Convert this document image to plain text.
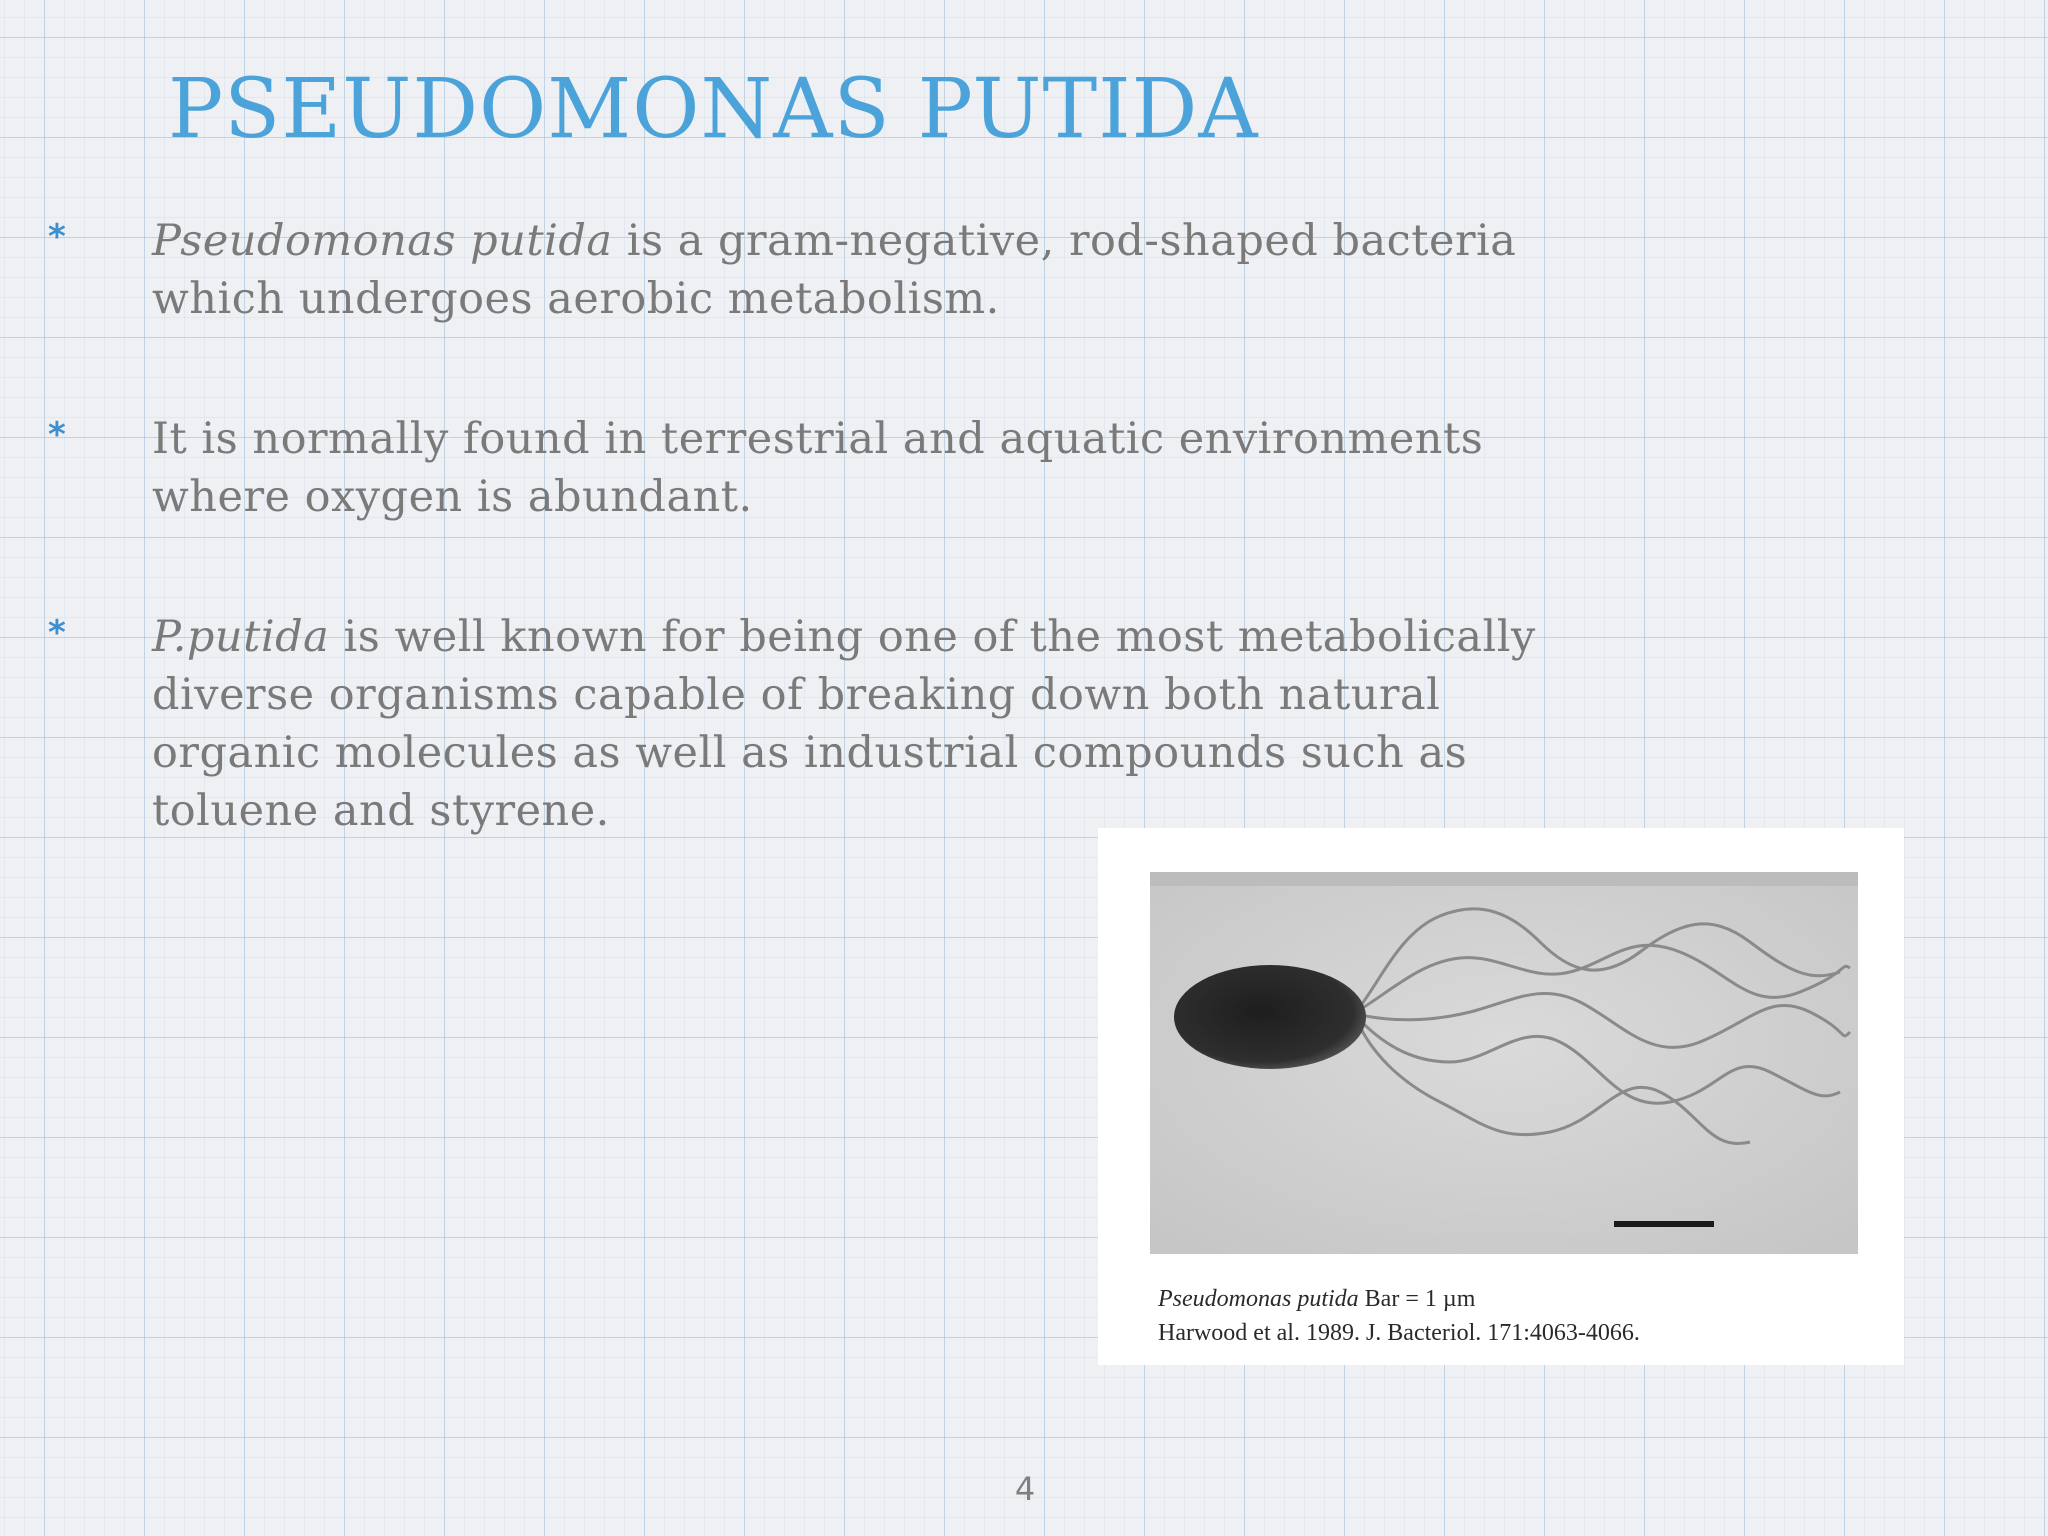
PSEUDOMONAS PUTIDA
* Pseudomonas putida is a gram-negative, rod-shaped bacteria which undergoes aerobic metabolism.

* It is normally found in terrestrial and aquatic environments where oxygen is abundant.

* P.putida is well known for being one of the most metabolically diverse organisms capable of breaking down both natural organic molecules as well as industrial compounds such as toluene and styrene.

Pseudomonas putida Bar = 1 µm
Harwood et al. 1989. J. Bacteriol. 171:4063-4066.
4
